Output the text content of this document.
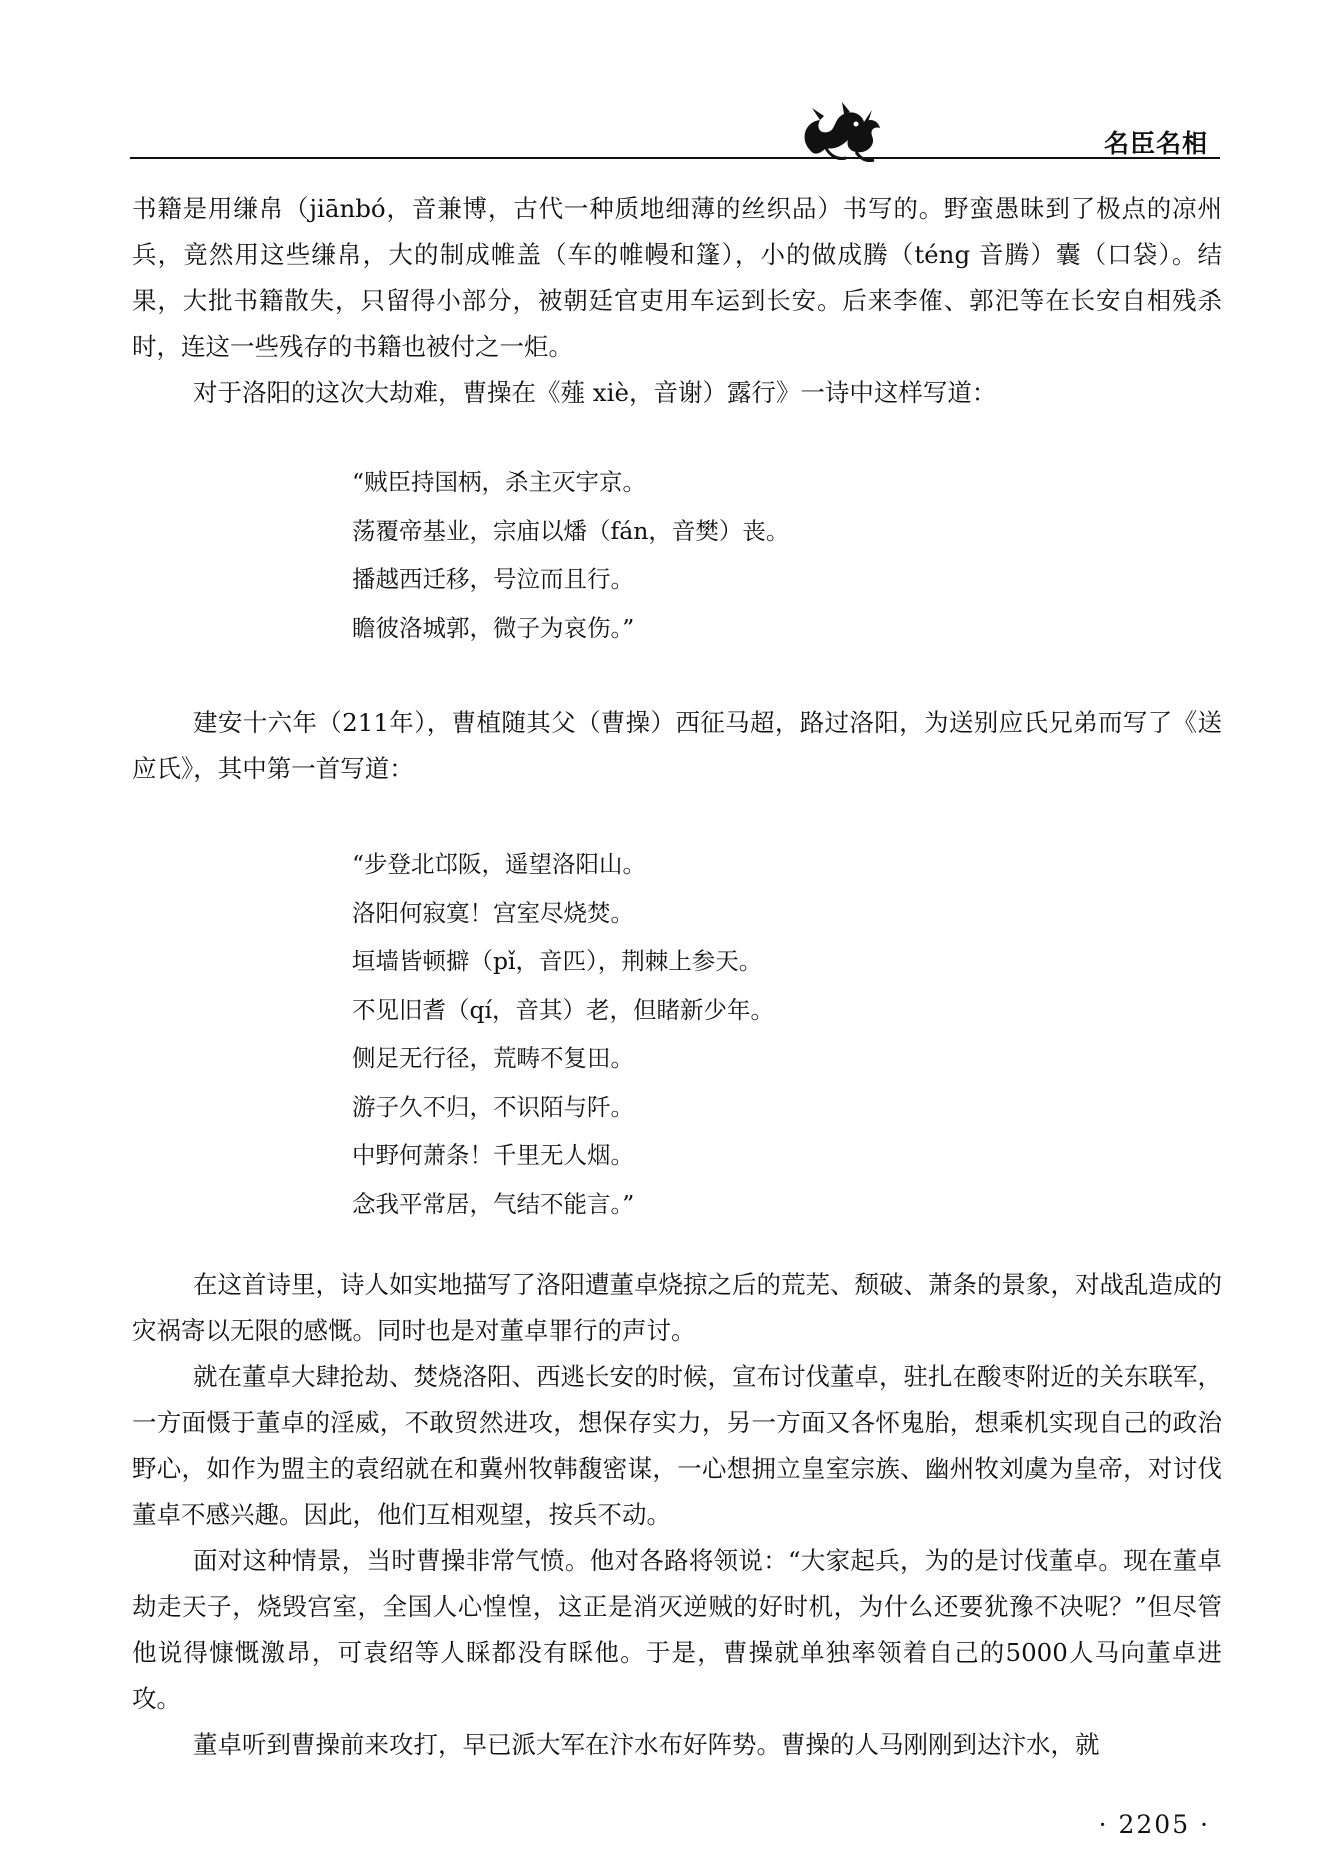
名臣名相

书籍是用缣帛（jiānbó，音兼博，古代一种质地细薄的丝织品）书写的。野蛮愚昧到了极点的凉州兵，竟然用这些缣帛，大的制成帷盖（车的帷幔和篷），小的做成腾（téng 音腾）囊（口袋）。结果，大批书籍散失，只留得小部分，被朝廷官吏用车运到长安。后来李傕、郭汜等在长安自相残杀时，连这一些残存的书籍也被付之一炬。

对于洛阳的这次大劫难，曹操在《薤 xiè，音谢）露行》一诗中这样写道：

“贼臣持国柄，杀主灭宇京。
荡覆帝基业，宗庙以燔（fán，音樊）丧。
播越西迁移，号泣而且行。
瞻彼洛城郭，微子为哀伤。”

建安十六年（211年），曹植随其父（曹操）西征马超，路过洛阳，为送别应氏兄弟而写了《送应氏》，其中第一首写道：

“步登北邙阪，遥望洛阳山。
洛阳何寂寞！宫室尽烧焚。
垣墙皆顿擗（pǐ，音匹），荆棘上参天。
不见旧耆（qí，音其）老，但睹新少年。
侧足无行径，荒畴不复田。
游子久不归，不识陌与阡。
中野何萧条！千里无人烟。
念我平常居，气结不能言。”

在这首诗里，诗人如实地描写了洛阳遭董卓烧掠之后的荒芜、颓破、萧条的景象，对战乱造成的灾祸寄以无限的感慨。同时也是对董卓罪行的声讨。

就在董卓大肆抢劫、焚烧洛阳、西逃长安的时候，宣布讨伐董卓，驻扎在酸枣附近的关东联军，一方面慑于董卓的淫威，不敢贸然进攻，想保存实力，另一方面又各怀鬼胎，想乘机实现自己的政治野心，如作为盟主的袁绍就在和冀州牧韩馥密谋，一心想拥立皇室宗族、幽州牧刘虞为皇帝，对讨伐董卓不感兴趣。因此，他们互相观望，按兵不动。

面对这种情景，当时曹操非常气愤。他对各路将领说：“大家起兵，为的是讨伐董卓。现在董卓劫走天子，烧毁宫室，全国人心惶惶，这正是消灭逆贼的好时机，为什么还要犹豫不决呢？”但尽管他说得慷慨激昂，可袁绍等人睬都没有睬他。于是，曹操就单独率领着自己的5000人马向董卓进攻。

董卓听到曹操前来攻打，早已派大军在汴水布好阵势。曹操的人马刚刚到达汴水，就

· 2205 ·
